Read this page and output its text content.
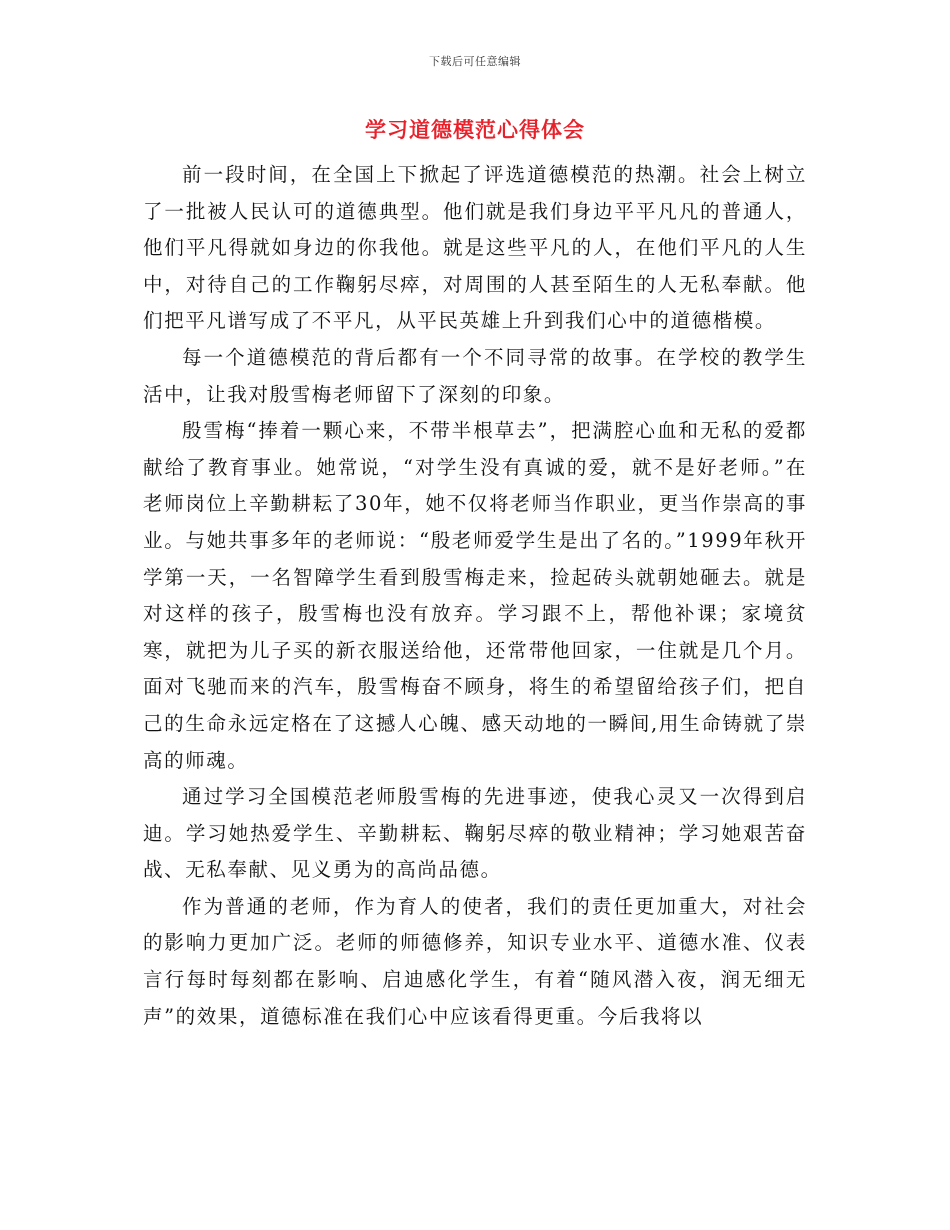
下载后可任意编辑
学习道德模范心得体会

前一段时间，在全国上下掀起了评选道德模范的热潮。社会上树立了一批被人民认可的道德典型。他们就是我们身边平平凡凡的普通人，他们平凡得就如身边的你我他。就是这些平凡的人，在他们平凡的人生中，对待自己的工作鞠躬尽瘁，对周围的人甚至陌生的人无私奉献。他们把平凡谱写成了不平凡，从平民英雄上升到我们心中的道德楷模。

每一个道德模范的背后都有一个不同寻常的故事。在学校的教学生活中，让我对殷雪梅老师留下了深刻的印象。

殷雪梅“捧着一颗心来，不带半根草去”，把满腔心血和无私的爱都献给了教育事业。她常说，“对学生没有真诚的爱，就不是好老师。”在老师岗位上辛勤耕耘了30年，她不仅将老师当作职业，更当作崇高的事业。与她共事多年的老师说：“殷老师爱学生是出了名的。”1999年秋开学第一天，一名智障学生看到殷雪梅走来，捡起砖头就朝她砸去。就是对这样的孩子，殷雪梅也没有放弃。学习跟不上，帮他补课；家境贫寒，就把为儿子买的新衣服送给他，还常带他回家，一住就是几个月。面对飞驰而来的汽车，殷雪梅奋不顾身，将生的希望留给孩子们，把自己的生命永远定格在了这撼人心魄、感天动地的一瞬间,用生命铸就了崇高的师魂。

通过学习全国模范老师殷雪梅的先进事迹，使我心灵又一次得到启迪。学习她热爱学生、辛勤耕耘、鞠躬尽瘁的敬业精神；学习她艰苦奋战、无私奉献、见义勇为的高尚品德。

作为普通的老师，作为育人的使者，我们的责任更加重大，对社会的影响力更加广泛。老师的师德修养，知识专业水平、道德水准、仪表言行每时每刻都在影响、启迪感化学生，有着“随风潜入夜，润无细无声”的效果，道德标准在我们心中应该看得更重。今后我将以
